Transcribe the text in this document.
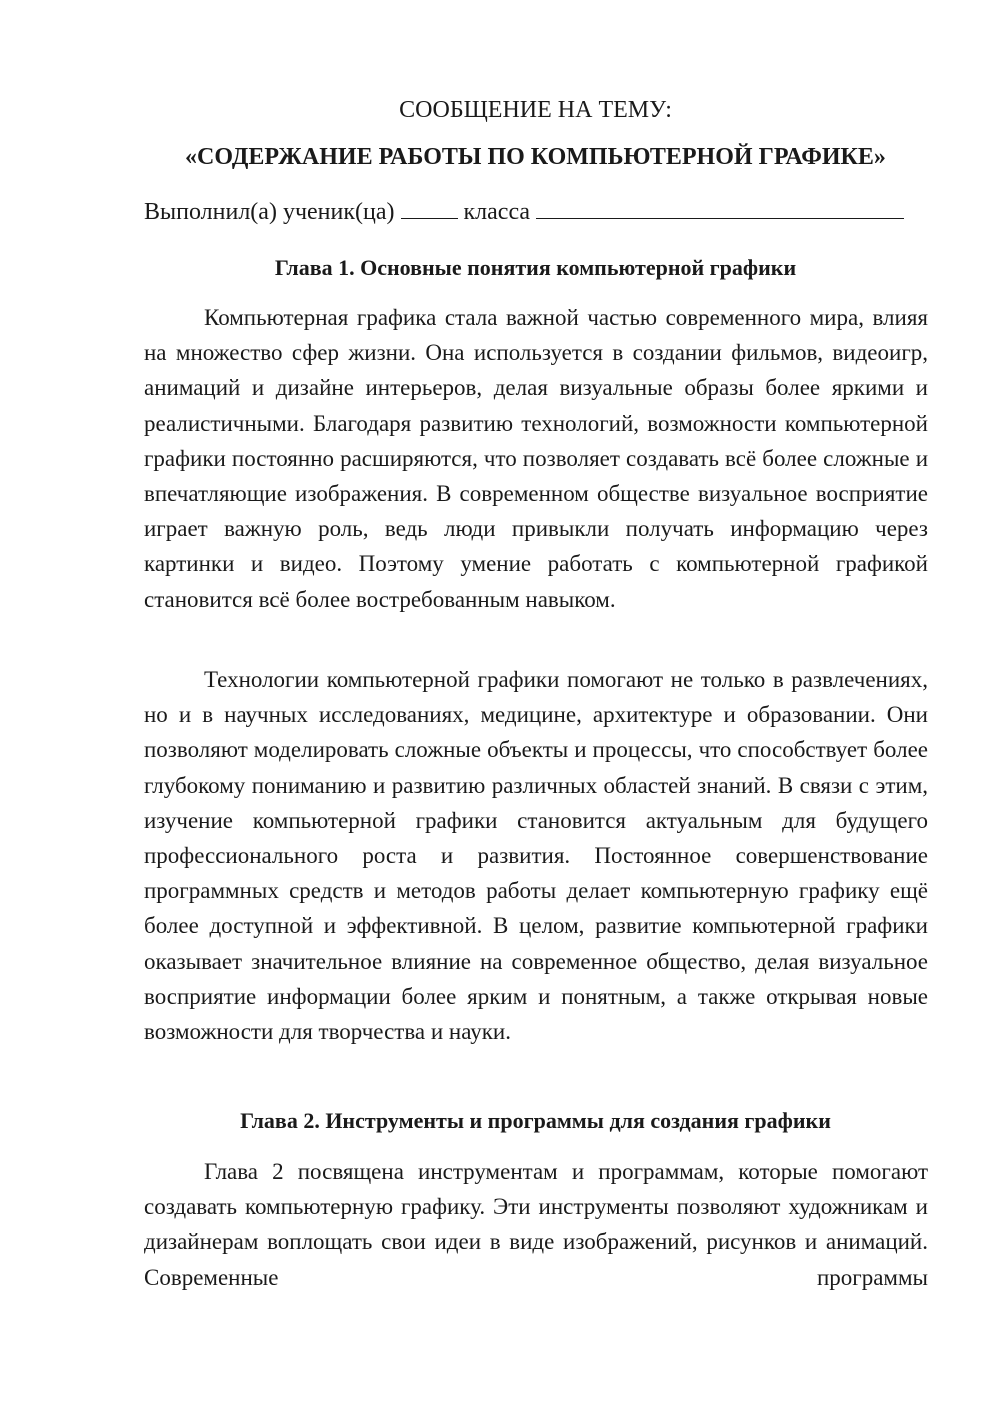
СООБЩЕНИЕ НА ТЕМУ:
«СОДЕРЖАНИЕ РАБОТЫ ПО КОМПЬЮТЕРНОЙ ГРАФИКЕ»

Выполнил(а) ученик(ца)	класса

Глава 1. Основные понятия компьютерной графики

Компьютерная графика стала важной частью современного мира, влияя на множество сфер жизни. Она используется в создании фильмов, видеоигр, анимаций и дизайне интерьеров, делая визуальные образы более яркими и реалистичными. Благодаря развитию технологий, возможности компьютерной графики постоянно расширяются, что позволяет создавать всё более сложные и впечатляющие изображения. В современном обществе визуальное восприятие играет важную роль, ведь люди привыкли получать информацию через картинки и видео. Поэтому умение работать с компьютерной графикой становится всё более востребованным навыком.

Технологии компьютерной графики помогают не только в развлечениях, но и в научных исследованиях, медицине, архитектуре и образовании. Они позволяют моделировать сложные объекты и процессы, что способствует более глубокому пониманию и развитию различных областей знаний. В связи с этим, изучение компьютерной графики становится актуальным для будущего профессионального роста и развития. Постоянное совершенствование программных средств и методов работы делает компьютерную графику ещё более доступной и эффективной. В целом, развитие компьютерной графики оказывает значительное влияние на современное общество, делая визуальное восприятие информации более ярким и понятным, а также открывая новые возможности для творчества и науки.

Глава 2. Инструменты и программы для создания графики

Глава 2 посвящена инструментам и программам, которые помогают создавать компьютерную графику. Эти инструменты позволяют художникам и дизайнерам воплощать свои идеи в виде изображений, рисунков и анимаций. Современные программы
